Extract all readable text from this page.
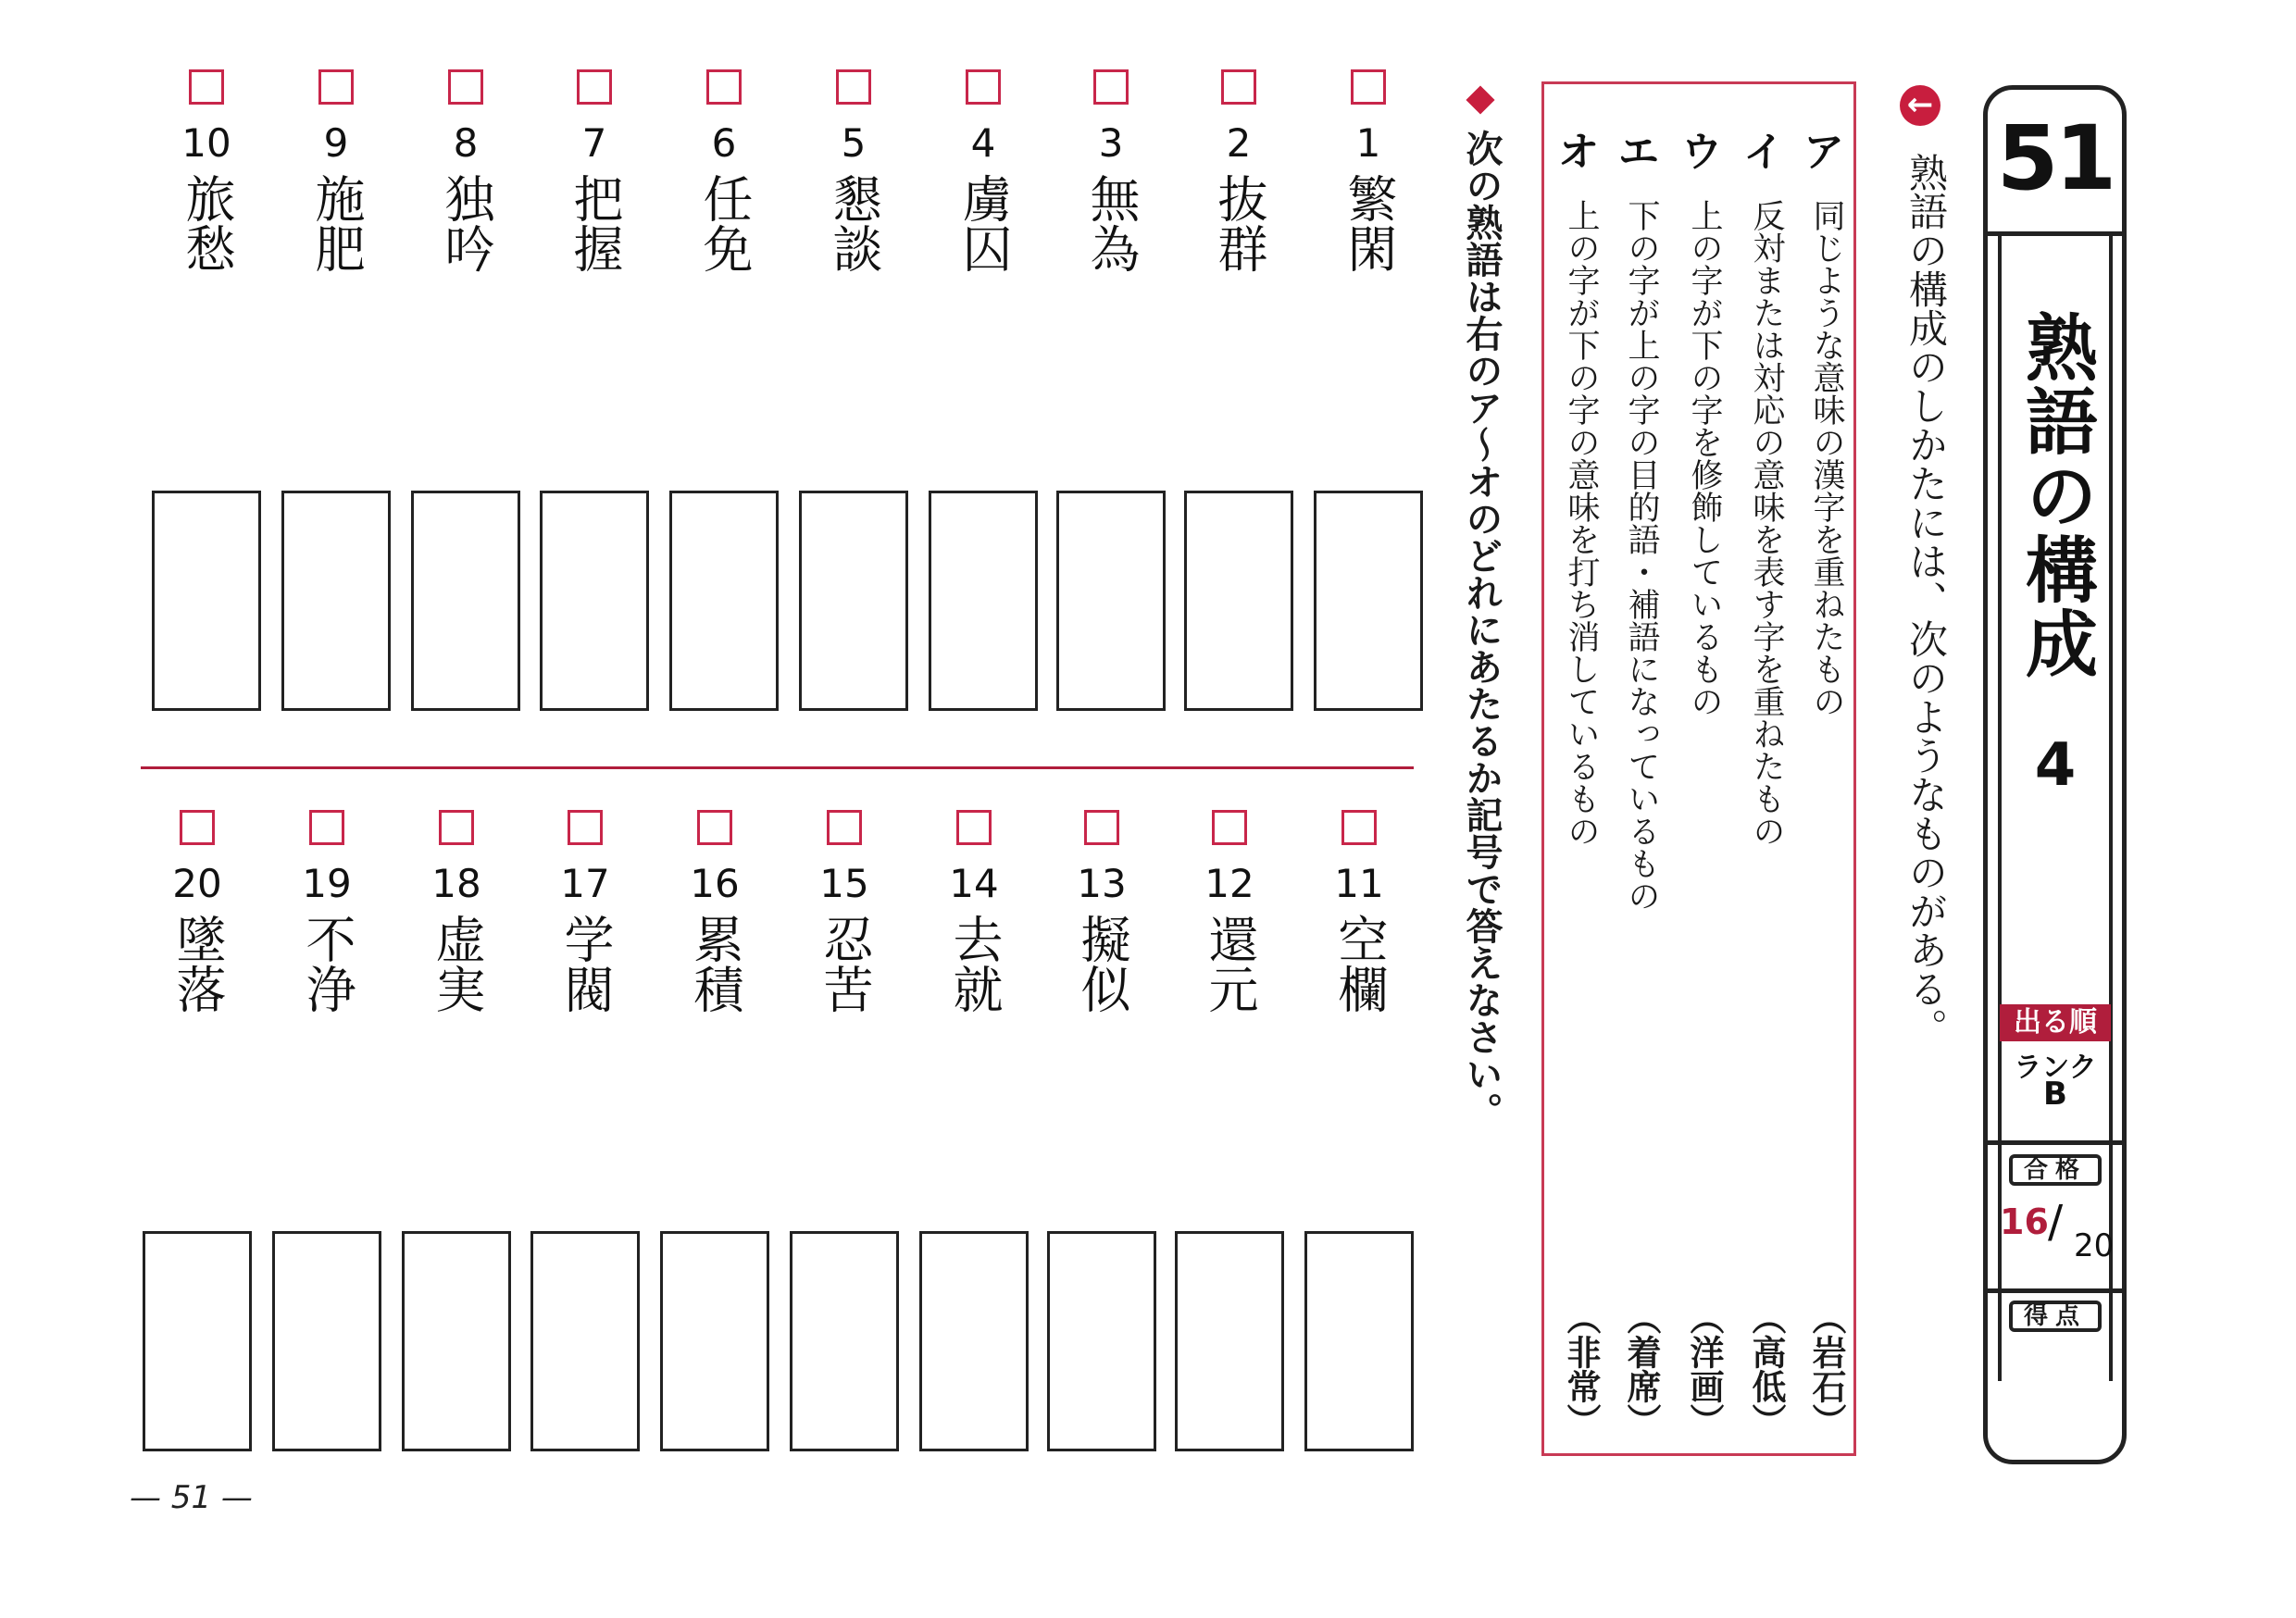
51
熟語の構成
4
出る順
ランク
B
合格
16 / 20
得点
←
熟語の構成のしかたには、次のようなものがある。
ア
同じような意味の漢字を重ねたもの
（岩石）
イ
反対または対応の意味を表す字を重ねたもの
（高低）
ウ
上の字が下の字を修飾しているもの
（洋画）
エ
下の字が上の字の目的語・補語になっているもの
（着席）
オ
上の字が下の字の意味を打ち消しているもの
（非常）
次の熟語は右のア～オのどれにあたるか記号で答えなさい。
1
繁閑
2
抜群
3
無為
4
虜囚
5
懇談
6
任免
7
把握
8
独吟
9
施肥
10
旅愁
11
空欄
12
還元
13
擬似
14
去就
15
忍苦
16
累積
17
学閥
18
虚実
19
不浄
20
墜落
— 51 —
